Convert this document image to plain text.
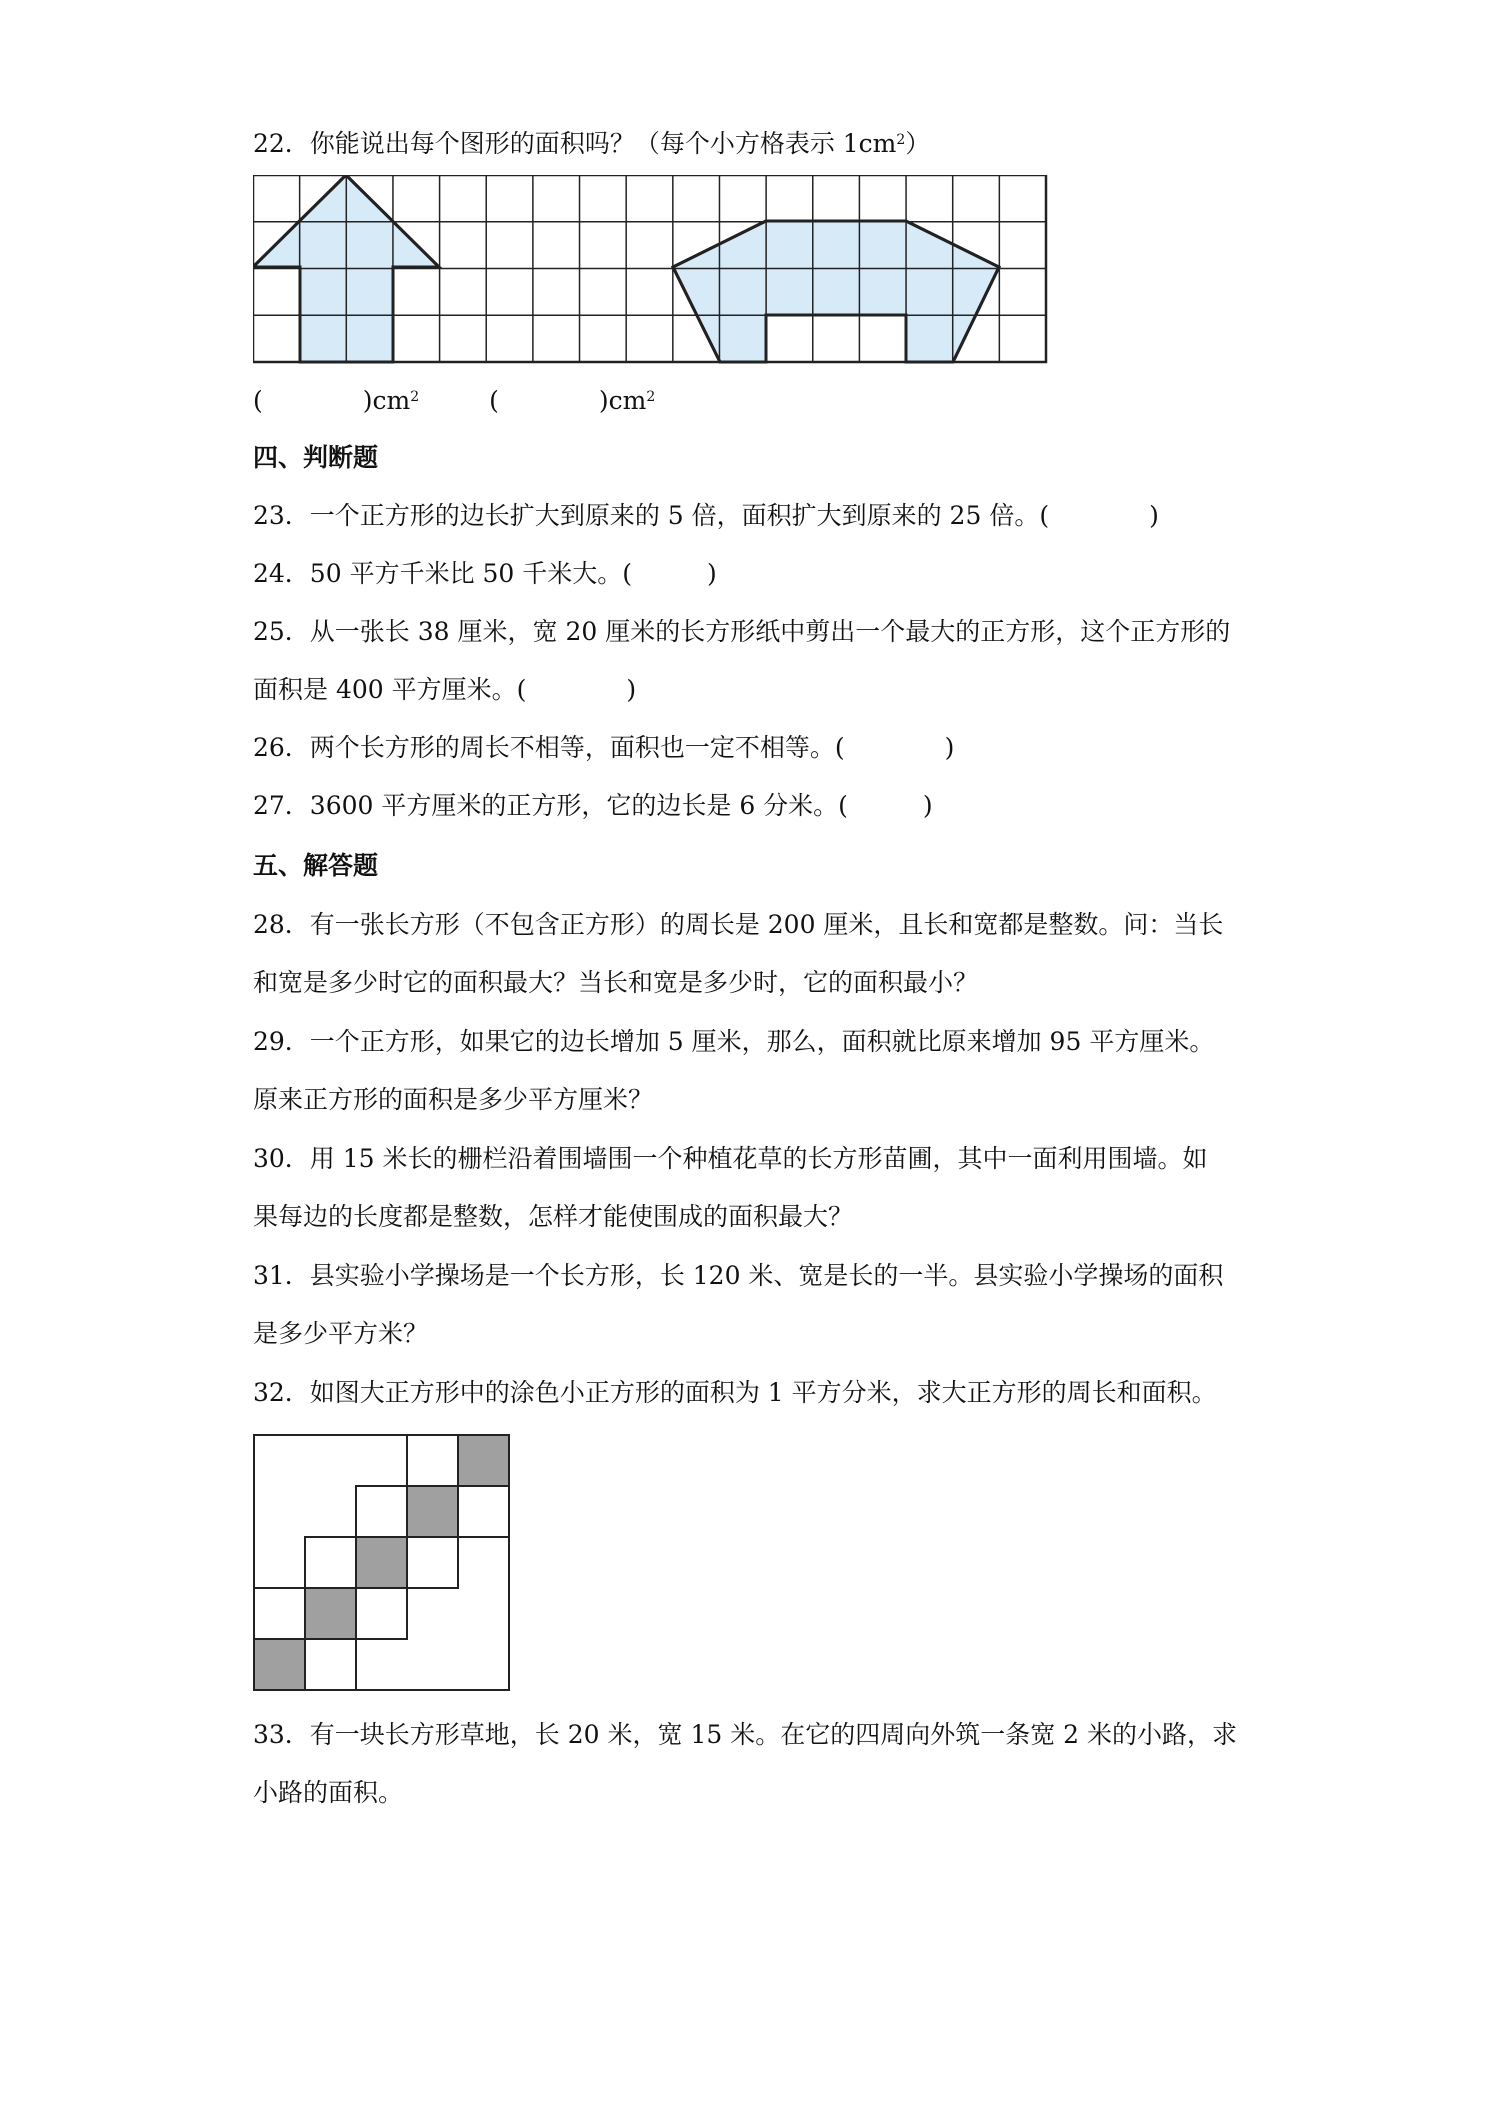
22．你能说出每个图形的面积吗？（每个小方格表示 $1cm^2$）
(	)$cm^2$	(	)$cm^2$
四、判断题
23．一个正方形的边长扩大到原来的 5 倍，面积扩大到原来的 25 倍。(　　　　)
24．50 平方千米比 50 千米大。(　　　)
25．从一张长 38 厘米，宽 20 厘米的长方形纸中剪出一个最大的正方形，这个正方形的
面积是 400 平方厘米。(　　　　)
26．两个长方形的周长不相等，面积也一定不相等。(　　　　)
27．3600 平方厘米的正方形，它的边长是 6 分米。(　　　)
五、解答题
28．有一张长方形（不包含正方形）的周长是 200 厘米，且长和宽都是整数。问：当长
和宽是多少时它的面积最大？当长和宽是多少时，它的面积最小？
29．一个正方形，如果它的边长增加 5 厘米，那么，面积就比原来增加 95 平方厘米。
原来正方形的面积是多少平方厘米？
30．用 15 米长的栅栏沿着围墙围一个种植花草的长方形苗圃，其中一面利用围墙。如
果每边的长度都是整数，怎样才能使围成的面积最大？
31．县实验小学操场是一个长方形，长 120 米、宽是长的一半。县实验小学操场的面积
是多少平方米？
32．如图大正方形中的涂色小正方形的面积为 1 平方分米，求大正方形的周长和面积。
33．有一块长方形草地，长 20 米，宽 15 米。在它的四周向外筑一条宽 2 米的小路，求
小路的面积。
